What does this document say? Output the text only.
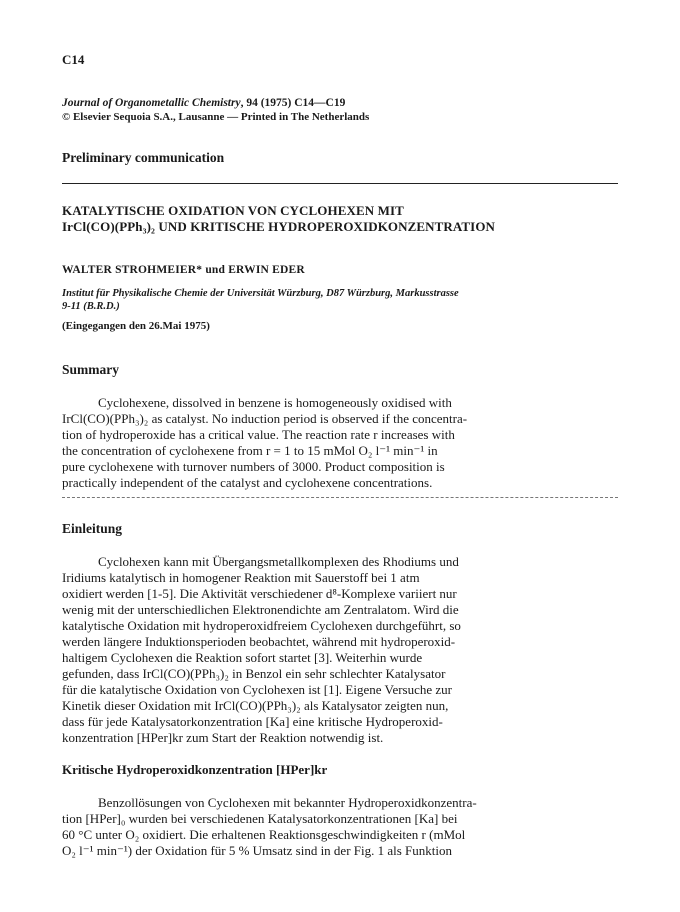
C14
Journal of Organometallic Chemistry, 94 (1975) C14—C19
© Elsevier Sequoia S.A., Lausanne — Printed in The Netherlands
Preliminary communication
KATALYTISCHE OXIDATION VON CYCLOHEXEN MIT
IrCl(CO)(PPh₃)₂ UND KRITISCHE HYDROPEROXIDKONZENTRATION
WALTER STROHMEIER* und ERWIN EDER
Institut für Physikalische Chemie der Universität Würzburg, D87 Würzburg, Markusstrasse
9-11 (B.R.D.)
(Eingegangen den 26.Mai 1975)
Summary
Cyclohexene, dissolved in benzene is homogeneously oxidised with
IrCl(CO)(PPh₃)₂ as catalyst. No induction period is observed if the concentra-
tion of hydroperoxide has a critical value. The reaction rate r increases with
the concentration of cyclohexene from r = 1 to 15 mMol O₂ l⁻¹ min⁻¹ in
pure cyclohexene with turnover numbers of 3000. Product composition is
practically independent of the catalyst and cyclohexene concentrations.
Einleitung
Cyclohexen kann mit Übergangsmetallkomplexen des Rhodiums und
Iridiums katalytisch in homogener Reaktion mit Sauerstoff bei 1 atm
oxidiert werden [1-5]. Die Aktivität verschiedener d⁸-Komplexe variiert nur
wenig mit der unterschiedlichen Elektronendichte am Zentralatom. Wird die
katalytische Oxidation mit hydroperoxidfreiem Cyclohexen durchgeführt, so
werden längere Induktionsperioden beobachtet, während mit hydroperoxid-
haltigem Cyclohexen die Reaktion sofort startet [3]. Weiterhin wurde
gefunden, dass IrCl(CO)(PPh₃)₂ in Benzol ein sehr schlechter Katalysator
für die katalytische Oxidation von Cyclohexen ist [1]. Eigene Versuche zur
Kinetik dieser Oxidation mit IrCl(CO)(PPh₃)₂ als Katalysator zeigten nun,
dass für jede Katalysatorkonzentration [Ka] eine kritische Hydroperoxid-
konzentration [HPer]kr zum Start der Reaktion notwendig ist.
Kritische Hydroperoxidkonzentration [HPer]kr
Benzollösungen von Cyclohexen mit bekannter Hydroperoxidkonzentra-
tion [HPer]₀ wurden bei verschiedenen Katalysatorkonzentrationen [Ka] bei
60 °C unter O₂ oxidiert. Die erhaltenen Reaktionsgeschwindigkeiten r (mMol
O₂ l⁻¹ min⁻¹) der Oxidation für 5 % Umsatz sind in der Fig. 1 als Funktion
